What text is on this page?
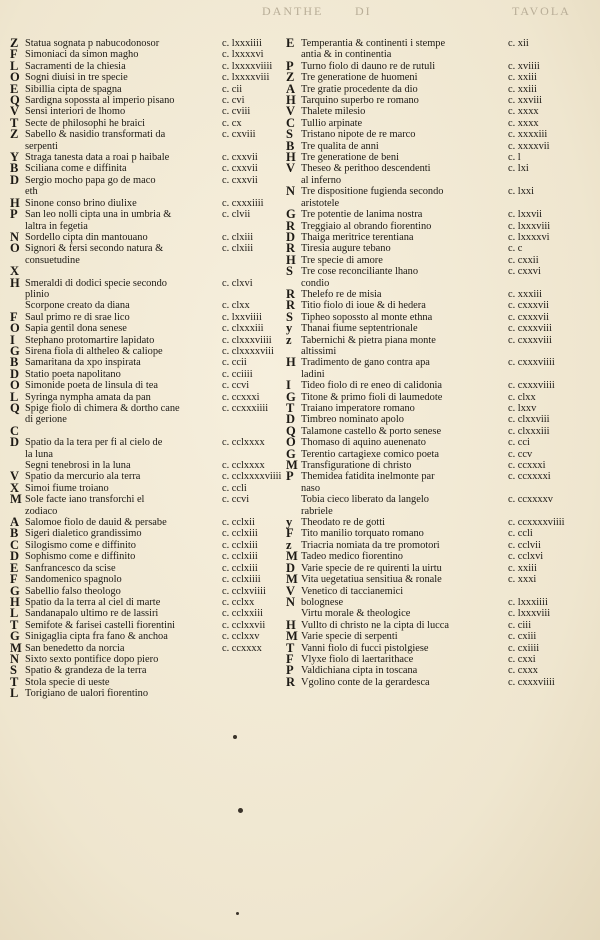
DANTHE	DI	TAVOLA
Z Statua sognata p nabucodonosor	c. lxxxiiii
F Simoniaci da simon magho	c. lxxxxvi
L Sacramenti de la chiesia	c. lxxxxviiii
O Sogni diuisi in tre specie	c. lxxxxviii
E Sibillia cipta de spagna	c. cii
Q Sardigna sopossta al imperio pisano	c. cvi
V Sensi interiori de lhomo	c. cviii
T Secte de philosophi he braici	c. cx
Z Sabello & nasidio transformati da
serpenti
c. cxviii
Y Straga tanesta data a roai p haibale	c. cxxvii
B Sciliana come e diffinita	c. cxxvii
D Sergio mocho papa go de maco
eth
c. cxxvii
H Sinone conso brino diulixe	c. cxxxiiii
P San leo nolli cipta una in umbria &
laltra in fegetia
c. clvii
N Sordello cipta din mantouano	c. clxiii
O Signori & fersi secondo natura &
consuetudine
c. clxiii
X
H Smeraldi di dodici specie secondo
plinio
c. clxvi
Scorpone creato da diana	c. clxx
F Saul primo re di srae lico	c. lxxviiii
O Sapia gentil dona senese	c. clxxxiii
I Stephano protomartire lapidato	c. clxxxviiii
G Sirena fiola di altheleo & caliope	c. clxxxxviii
B Samaritana da xpo inspirata	c. ccii
D Statio poeta napolitano	c. cciiii
O Simonide poeta de linsula di tea	c. ccvi
L Syringa nympha amata da pan	c. ccxxxi
Q Spige fiolo di chimera & dortho cane
di gerione
c. ccxxxiiii
C
D Spatio da la tera per fi al cielo de
la luna
c. cclxxxx
Segni tenebrosi in la luna	c. cclxxxx
V Spatio da mercurio ala terra	c. cclxxxxviiii
X Simoi fiume troiano	c. ccli
M Sole facte iano transforchi el
zodiaco
c. ccvi
A Salomoe fiolo de dauid & persabe	c. cclxii
B Sigeri dialetico grandissimo	c. cclxiii
C Silogismo come e diffinito	c. cclxiii
D Sophismo come e diffinito	c. cclxiii
E Sanfrancesco da scise	c. cclxiii
F Sandomenico spagnolo	c. cclxiiii
G Sabellio falso theologo	c. cclxviiii
H Spatio da la terra al ciel di marte	c. cclxx
L Sandanapalo ultimo re de lassiri	c. cclxxiii
T Semifote & farisei castelli fiorentini	c. cclxxvii
G Sinigaglia cipta fra fano & anchoa	c. cclxxv
M San benedetto da norcia	c. ccxxxx
N Sixto sexto pontifice dopo piero
S Spatio & grandeza de la terra
T Stola specie di ueste
L Torigiano de ualori fiorentino
E Temperantia & continenti i stempe
antia & in continentia
c. xii
P Turno fiolo di dauno re de rutuli	c. xviiii
Z Tre generatione de huomeni	c. xxiii
A Tre gratie procedente da dio	c. xxiii
H Tarquino superbo re romano	c. xxviii
V Thalete milesio	c. xxxx
C Tullio arpinate	c. xxxx
S Tristano nipote de re marco	c. xxxxiii
B Tre qualita de anni	c. xxxxvii
H Tre generatione de beni	c. l
V Theseo & perithoo descendenti
al inferno
c. lxi
N Tre dispositione fugienda secondo
aristotele
c. lxxi
G Tre potentie de lanima nostra	c. lxxvii
R Treggiaio al obrando fiorentino	c. lxxxviii
D Thaiga meritrice terentiana	c. lxxxxvi
R Tiresia augure tebano	c. c
H Tre specie di amore	c. cxxii
S Tre cose reconciliante lhano
condio
c. cxxvi
R Thelefo re de misia	c. xxxiii
R Titio fiolo di ioue & di hedera	c. cxxxvii
S Tipheo sopossto al monte ethna	c. cxxxvii
y Thanai fiume septentrionale	c. cxxxviii
z Tabernichi & pietra piana monte
altissimi
c. cxxxviii
H Tradimento de gano contra apa
ladini
c. cxxxviiii
I Tideo fiolo di re eneo di calidonia	c. cxxxviiii
G Titone & primo fioli di laumedote	c. clxx
T Traiano imperatore romano	c. lxxv
D Timbreo nominato apolo	c. clxxviii
Q Talamone castello & porto senese	c. clxxxiii
O Thomaso di aquino auenenato	c. cci
G Terentio cartagiexe comico poeta	c. ccv
M Transfiguratione di christo	c. ccxxxi
P Themidea fatidita inelmonte par
naso
c. ccxxxxi
Tobia cieco liberato da langelo
rabriele
c. ccxxxxv
y Theodato re de gotti	c. ccxxxxviiii
F Tito manilio torquato romano	c. ccli
z Triacria nomiata da tre promotori	c. cclvii
M Tadeo medico fiorentino	c. cclxvi
D Varie specie de re quirenti la uirtu	c. xxiii
M Vita uegetatiua sensitiua & ronale	c. xxxi
V Venetico di taccianemici
N bolognese	c. lxxxiiii
Virtu morale & theologice	c. lxxxviii
H Vullto di christo ne la cipta di lucca	c. ciii
M Varie specie di serpenti	c. cxiii
T Vanni fiolo di fucci pistolgiese	c. cxiiii
F Vlyxe fiolo di laertarithace	c. cxxi
P Valdichiana cipta in toscana	c. cxxx
R Vgolino conte de la gerardesca	c. cxxxviiii
